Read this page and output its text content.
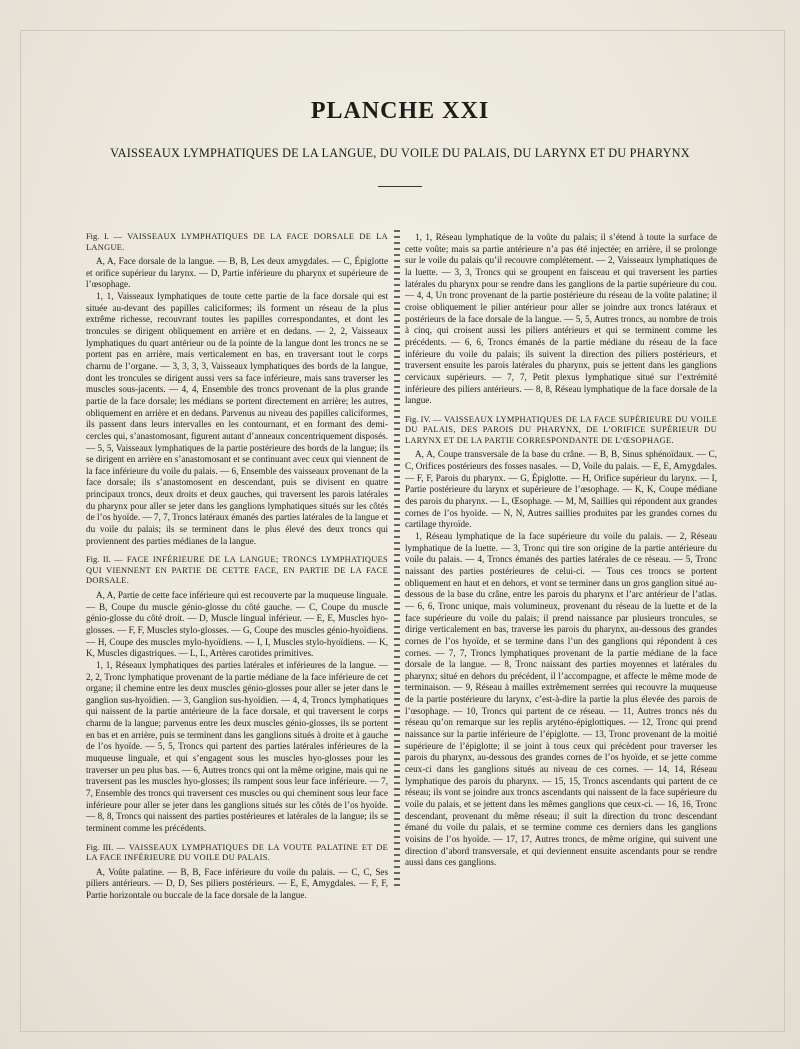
PLANCHE XXI
VAISSEAUX LYMPHATIQUES DE LA LANGUE, DU VOILE DU PALAIS, DU LARYNX ET DU PHARYNX

Fig. I. — VAISSEAUX LYMPHATIQUES DE LA FACE DORSALE DE LA LANGUE.

A, A, Face dorsale de la langue. — B, B, Les deux amygdales. — C, Épiglotte et orifice supérieur du larynx. — D, Partie inférieure du pharynx et supérieure de l’œsophage.

1, 1, Vaisseaux lymphatiques de toute cette partie de la face dorsale qui est située au-devant des papilles caliciformes; ils forment un réseau de la plus extrême richesse, recouvrant toutes les papilles correspondantes, et dont les troncules se dirigent obliquement en arrière et en dedans. — 2, 2, Vaisseaux lymphatiques du quart antérieur ou de la pointe de la langue dont les troncs ne se portent pas en arrière, mais verticalement en bas, en traversant tout le corps charnu de l’organe. — 3, 3, 3, 3, Vaisseaux lymphatiques des bords de la langue, dont les troncules se dirigent aussi vers sa face inférieure, mais sans traverser les muscles sous-jacents. — 4, 4, Ensemble des troncs provenant de la plus grande partie de la face dorsale; les médians se portent directement en arrière; les autres, obliquement en arrière et en dedans. Parvenus au niveau des papilles caliciformes, ils passent dans leurs intervalles en les contournant, et en formant des demi-cercles qui, s’anastomosant, figurent autant d’anneaux concentriquement disposés. — 5, 5, Vaisseaux lymphatiques de la partie postérieure des bords de la langue; ils se dirigent en arrière en s’anastomosant et se continuant avec ceux qui viennent de la face inférieure du voile du palais. — 6, Ensemble des vaisseaux provenant de la face dorsale; ils s’anastomosent en descendant, puis se divisent en quatre principaux troncs, deux droits et deux gauches, qui traversent les parois latérales du pharynx pour aller se jeter dans les ganglions lymphatiques situés sur les côtés de l’os hyoïde. — 7, 7, Troncs latéraux émanés des parties latérales de la langue et du voile du palais; ils se terminent dans le plus élevé des deux troncs qui proviennent des parties médianes de la langue.

Fig. II. — FACE INFÉRIEURE DE LA LANGUE; TRONCS LYMPHATIQUES QUI VIENNENT EN PARTIE DE CETTE FACE, EN PARTIE DE LA FACE DORSALE.

A, A, Partie de cette face inférieure qui est recouverte par la muqueuse linguale. — B, Coupe du muscle génio-glosse du côté gauche. — C, Coupe du muscle génio-glosse du côté droit. — D, Muscle lingual inférieur. — E, E, Muscles hyo-glosses. — F, F, Muscles stylo-glosses. — G, Coupe des muscles génio-hyoïdiens. — H, Coupe des muscles mylo-hyoïdiens. — I, I, Muscles stylo-hyoïdiens. — K, K, Muscles digastriques. — L, L, Artères carotides primitives.

1, 1, Réseaux lymphatiques des parties latérales et inférieures de la langue. — 2, 2, Tronc lymphatique provenant de la partie médiane de la face inférieure de cet organe; il chemine entre les deux muscles génio-glosses pour aller se jeter dans le ganglion sus-hyoïdien. — 3, Ganglion sus-hyoïdien. — 4, 4, Troncs lymphatiques qui naissent de la partie antérieure de la face dorsale, et qui traversent le corps charnu de la langue; parvenus entre les deux muscles génio-glosses, ils se portent en bas et en arrière, puis se terminent dans les ganglions situés à droite et à gauche de l’os hyoïde. — 5, 5, Troncs qui partent des parties latérales inférieures de la muqueuse linguale, et qui s’engagent sous les muscles hyo-glosses pour les traverser un peu plus bas. — 6, Autres troncs qui ont la même origine, mais qui ne traversent pas les muscles hyo-glosses; ils rampent sous leur face inférieure. — 7, 7, Ensemble des troncs qui traversent ces muscles ou qui cheminent sous leur face inférieure pour aller se jeter dans les ganglions situés sur les côtés de l’os hyoïde. — 8, 8, Troncs qui naissent des parties postérieures et latérales de la langue; ils se terminent comme les précédents.

Fig. III. — VAISSEAUX LYMPHATIQUES DE LA VOUTE PALATINE ET DE LA FACE INFÉRIEURE DU VOILE DU PALAIS.

A, Voûte palatine. — B, B, Face inférieure du voile du palais. — C, C, Ses piliers antérieurs. — D, D, Ses piliers postérieurs. — E, E, Amygdales. — F, F, Partie horizontale ou buccale de la face dorsale de la langue.

1, 1, Réseau lymphatique de la voûte du palais; il s’étend à toute la surface de cette voûte; mais sa partie antérieure n’a pas été injectée; en arrière, il se prolonge sur le voile du palais qu’il recouvre complétement. — 2, Vaisseaux lymphatiques de la luette. — 3, 3, Troncs qui se groupent en faisceau et qui traversent les parties latérales du pharynx pour se rendre dans les ganglions de la partie supérieure du cou. — 4, 4, Un tronc provenant de la partie postérieure du réseau de la voûte palatine; il croise obliquement le pilier antérieur pour aller se joindre aux troncs latéraux et postérieurs de la face dorsale de la langue. — 5, 5, Autres troncs, au nombre de trois à cinq, qui croisent aussi les piliers antérieurs et qui se terminent comme les précédents. — 6, 6, Troncs émanés de la partie médiane du réseau de la face inférieure du voile du palais; ils suivent la direction des piliers postérieurs, et traversent ensuite les parois latérales du pharynx, puis se jettent dans les ganglions cervicaux supérieurs. — 7, 7, Petit plexus lymphatique situé sur l’extrémité inférieure des piliers antérieurs. — 8, 8, Réseau lymphatique de la face dorsale de la langue.

Fig. IV. — VAISSEAUX LYMPHATIQUES DE LA FACE SUPÉRIEURE DU VOILE DU PALAIS, DES PAROIS DU PHARYNX, DE L’ORIFICE SUPÉRIEUR DU LARYNX ET DE LA PARTIE CORRESPONDANTE DE L’ŒSOPHAGE.

A, A, Coupe transversale de la base du crâne. — B, B, Sinus sphénoïdaux. — C, C, Orifices postérieurs des fosses nasales. — D, Voile du palais. — E, E, Amygdales. — F, F, Parois du pharynx. — G, Épiglotte. — H, Orifice supérieur du larynx. — I, Partie postérieure du larynx et supérieure de l’œsophage. — K, K, Coupe médiane des parois du pharynx. — L, Œsophage. — M, M, Saillies qui répondent aux grandes cornes de l’os hyoïde. — N, N, Autres saillies produites par les grandes cornes du cartilage thyroïde.

1, Réseau lymphatique de la face supérieure du voile du palais. — 2, Réseau lymphatique de la luette. — 3, Tronc qui tire son origine de la partie antérieure du voile du palais. — 4, Troncs émanés des parties latérales de ce réseau. — 5, Tronc naissant des parties postérieures de celui-ci. — Tous ces troncs se portent obliquement en haut et en dehors, et vont se terminer dans un gros ganglion situé au-dessous de la base du crâne, entre les parois du pharynx et l’arc antérieur de l’atlas. — 6, 6, Tronc unique, mais volumineux, provenant du réseau de la luette et de la face supérieure du voile du palais; il prend naissance par plusieurs troncules, se dirige verticalement en bas, traverse les parois du pharynx, au-dessous des grandes cornes de l’os hyoïde, et se termine dans l’un des ganglions qui répondent à ces cornes. — 7, 7, Troncs lymphatiques provenant de la partie médiane de la face dorsale de la langue. — 8, Tronc naissant des parties moyennes et latérales du pharynx; situé en dehors du précédent, il l’accompagne, et affecte le même mode de terminaison. — 9, Réseau à mailles extrêmement serrées qui recouvre la muqueuse de la partie postérieure du larynx, c’est-à-dire la partie la plus élevée des parois de l’œsophage. — 10, Troncs qui partent de ce réseau. — 11, Autres troncs nés du réseau qu’on remarque sur les replis aryténo-épiglottiques. — 12, Tronc qui prend naissance sur la partie inférieure de l’épiglotte. — 13, Tronc provenant de la moitié supérieure de l’épiglotte; il se joint à tous ceux qui précèdent pour traverser les parois du pharynx, au-dessous des grandes cornes de l’os hyoïde, et se jette comme ceux-ci dans les ganglions situés au niveau de ces cornes. — 14, 14, Réseau lymphatique des parois du pharynx. — 15, 15, Troncs ascendants qui partent de ce réseau; ils vont se joindre aux troncs ascendants qui naissent de la face supérieure du voile du palais, et se jettent dans les mêmes ganglions que ceux-ci. — 16, 16, Tronc descendant, provenant du même réseau; il suit la direction du tronc descendant émané du voile du palais, et se termine comme ces derniers dans les ganglions voisins de l’os hyoïde. — 17, 17, Autres troncs, de même origine, qui suivent une direction d’abord transversale, et qui deviennent ensuite ascendants pour se rendre aussi dans ces ganglions.
